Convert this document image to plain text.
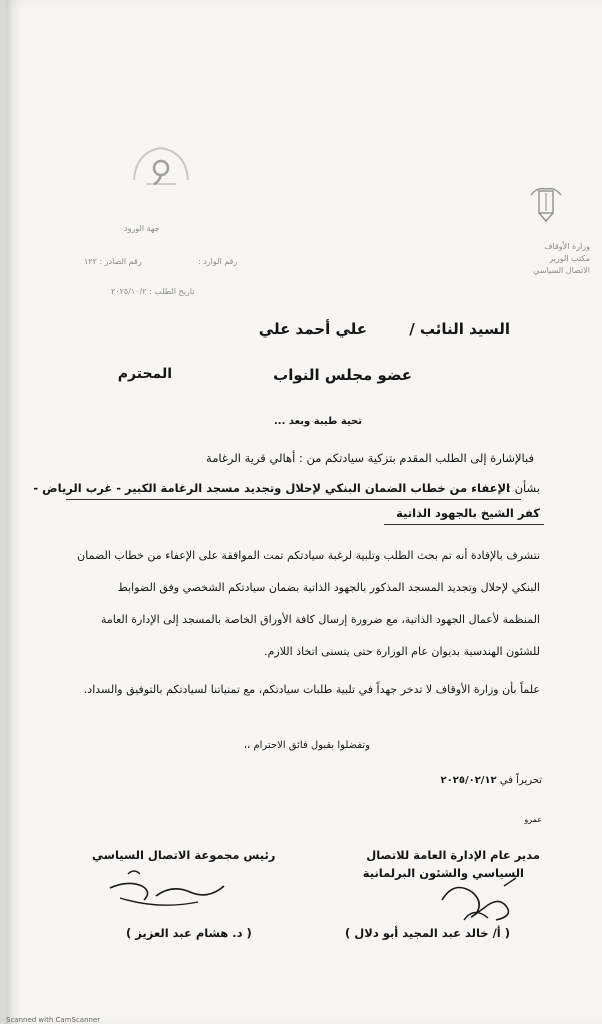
وزارة الأوقاف
مكتب الوزير
الاتصال السياسي
جهة الورود
رقم الوارد :
رقم الصادر : ١٢٢
تاريخ الطلب : ٢٠٢٥/١٠/٢
السيد النائب /
علي أحمد علي
عضو مجلس النواب
المحترم
تحية طيبة وبعد ...
فبالإشارة إلى الطلب المقدم بتزكية سيادتكم من : أهالي قرية الرغامة
بشأن :
الإعفاء من خطاب الضمان البنكي لإحلال وتجديد مسجد الرغامة الكبير - غرب الرياض -
كفر الشيخ بالجهود الذاتية
نتشرف بالإفادة أنه تم بحث الطلب وتلبية لرغبة سيادتكم تمت الموافقة على الإعفاء من خطاب الضمان
البنكي لإحلال وتجديد المسجد المذكور بالجهود الذاتية بضمان سيادتكم الشخصي وفق الضوابط
المنظمة لأعمال الجهود الذاتية، مع ضرورة إرسال كافة الأوراق الخاصة بالمسجد إلى الإدارة العامة
للشئون الهندسية بديوان عام الوزارة حتى يتسنى اتخاذ اللازم.
علماً بأن وزارة الأوقاف لا تدخر جهداً في تلبية طلبات سيادتكم، مع تمنياتنا لسيادتكم بالتوفيق والسداد.
وتفضلوا بقبول فائق الاحترام ،،
تحريراً في ٢٠٢٥/٠٢/١٢
عمرو
مدير عام الإدارة العامة للاتصال
السياسي والشئون البرلمانية
( أ/ خالد عبد المجيد أبو دلال )
رئيس مجموعة الاتصال السياسي
( د. هشام عبد العزيز )
Scanned with CamScanner
